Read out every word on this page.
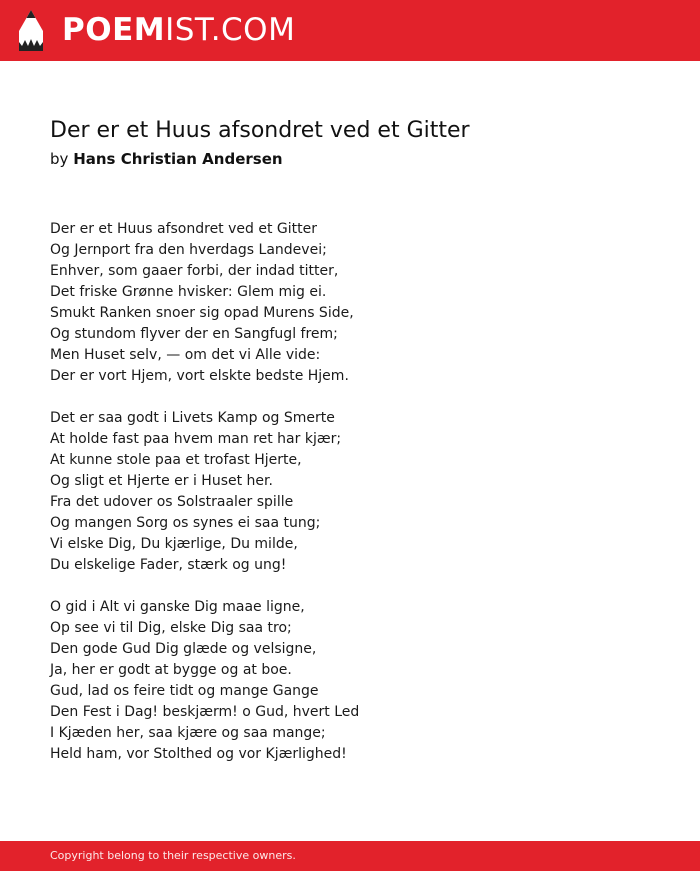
POEMIST.COM
Der er et Huus afsondret ved et Gitter
by Hans Christian Andersen

Der er et Huus afsondret ved et Gitter
Og Jernport fra den hverdags Landevei;
Enhver, som gaaer forbi, der indad titter,
Det friske Grønne hvisker: Glem mig ei.
Smukt Ranken snoer sig opad Murens Side,
Og stundom flyver der en Sangfugl frem;
Men Huset selv, — om det vi Alle vide:
Der er vort Hjem, vort elskte bedste Hjem.

Det er saa godt i Livets Kamp og Smerte
At holde fast paa hvem man ret har kjær;
At kunne stole paa et trofast Hjerte,
Og sligt et Hjerte er i Huset her.
Fra det udover os Solstraaler spille
Og mangen Sorg os synes ei saa tung;
Vi elske Dig, Du kjærlige, Du milde,
Du elskelige Fader, stærk og ung!

O gid i Alt vi ganske Dig maae ligne,
Op see vi til Dig, elske Dig saa tro;
Den gode Gud Dig glæde og velsigne,
Ja, her er godt at bygge og at boe.
Gud, lad os feire tidt og mange Gange
Den Fest i Dag! beskjærm! o Gud, hvert Led
I Kjæden her, saa kjære og saa mange;
Held ham, vor Stolthed og vor Kjærlighed!

Copyright belong to their respective owners.
